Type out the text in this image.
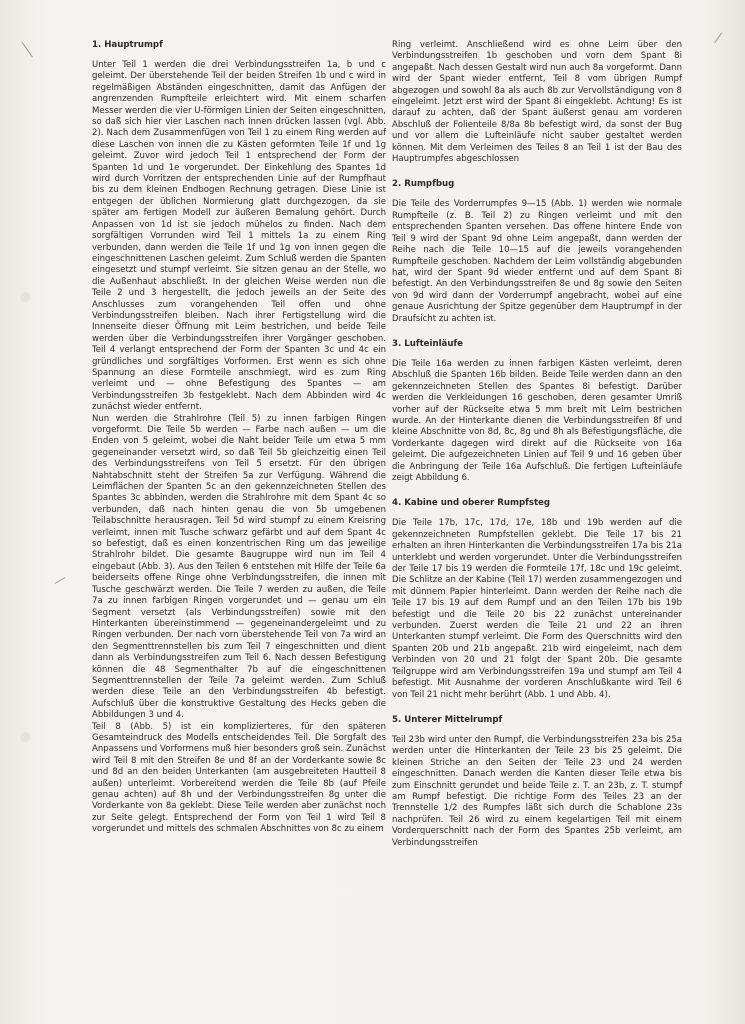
1. Hauptrumpf

Unter Teil 1 werden die drei Verbindungsstreifen 1a, b und c geleimt. Der überstehende Teil der beiden Streifen 1b und c wird in regelmäßigen Abständen eingeschnitten, damit das Anfügen der angrenzenden Rumpfteile erleichtert wird. Mit einem scharfen Messer werden die vier U-förmigen Linien der Seiten eingeschnitten, so daß sich hier vier Laschen nach innen drücken lassen (vgl. Abb. 2). Nach dem Zusammenfügen von Teil 1 zu einem Ring werden auf diese Laschen von innen die zu Kästen geformten Teile 1f und 1g geleimt. Zuvor wird jedoch Teil 1 entsprechend der Form der Spanten 1d und 1e vorgerundet. Der Einkehlung des Spantes 1d wird durch Vorritzen der entsprechenden Linie auf der Rumpfhaut bis zu dem kleinen Endbogen Rechnung getragen. Diese Linie ist entgegen der üblichen Normierung glatt durchgezogen, da sie später am fertigen Modell zur äußeren Bemalung gehört. Durch Anpassen von 1d ist sie jedoch mühelos zu finden. Nach dem sorgfältigen Vorrunden wird Teil 1 mittels 1a zu einem Ring verbunden, dann werden die Teile 1f und 1g von innen gegen die eingeschnittenen Laschen geleimt. Zum Schluß werden die Spanten eingesetzt und stumpf verleimt. Sie sitzen genau an der Stelle, wo die Außenhaut abschließt. In der gleichen Weise werden nun die Teile 2 und 3 hergestellt, die jedoch jeweils an der Seite des Anschlusses zum vorangehenden Teil offen und ohne Verbindungsstreifen bleiben. Nach ihrer Fertigstellung wird die Innenseite dieser Öffnung mit Leim bestrichen, und beide Teile werden über die Verbindungsstreifen ihrer Vorgänger geschoben. Teil 4 verlangt entsprechend der Form der Spanten 3c und 4c ein gründliches und sorgfältiges Vorformen. Erst wenn es sich ohne Spannung an diese Formteile anschmiegt, wird es zum Ring verleimt und — ohne Befestigung des Spantes — am Verbindungsstreifen 3b festgeklebt. Nach dem Abbinden wird 4c zunächst wieder entfernt.

Nun werden die Strahlrohre (Teil 5) zu innen farbigen Ringen vorgeformt. Die Teile 5b werden — Farbe nach außen — um die Enden von 5 geleimt, wobei die Naht beider Teile um etwa 5 mm gegeneinander versetzt wird, so daß Teil 5b gleichzeitig einen Teil des Verbindungsstreifens von Teil 5 ersetzt. Für den übrigen Nahtabschnitt steht der Streifen 5a zur Verfügung. Während die Leimflächen der Spanten 5c an den gekennzeichneten Stellen des Spantes 3c abbinden, werden die Strahlrohre mit dem Spant 4c so verbunden, daß nach hinten genau die von 5b umgebenen Teilabschnitte herausragen. Teil 5d wird stumpf zu einem Kreisring verleimt, innen mit Tusche schwarz gefärbt und auf dem Spant 4c so befestigt, daß es einen konzentrischen Ring um das jeweilige Strahlrohr bildet. Die gesamte Baugruppe wird nun im Teil 4 eingebaut (Abb. 3). Aus den Teilen 6 entstehen mit Hilfe der Teile 6a beiderseits offene Ringe ohne Verbindungsstreifen, die innen mit Tusche geschwärzt werden. Die Teile 7 werden zu außen, die Teile 7a zu innen farbigen Ringen vorgerundet und — genau um ein Segment versetzt (als Verbindungsstreifen) sowie mit den Hinterkanten übereinstimmend — gegeneinandergeleimt und zu Ringen verbunden. Der nach vorn überstehende Teil von 7a wird an den Segmenttrennstellen bis zum Teil 7 eingeschnitten und dient dann als Verbindungsstreifen zum Teil 6. Nach dessen Befestigung können die 48 Segmenthalter 7b auf die eingeschnittenen Segmenttrennstellen der Teile 7a geleimt werden. Zum Schluß werden diese Teile an den Verbindungsstreifen 4b befestigt. Aufschluß über die konstruktive Gestaltung des Hecks geben die Abbildungen 3 und 4.

Teil 8 (Abb. 5) ist ein komplizierteres, für den späteren Gesamteindruck des Modells entscheidendes Teil. Die Sorgfalt des Anpassens und Vorformens muß hier besonders groß sein. Zunächst wird Teil 8 mit den Streifen 8e und 8f an der Vorderkante sowie 8c und 8d an den beiden Unterkanten (am ausgebreiteten Hautteil 8 außen) unterleimt. Vorbereitend werden die Teile 8b (auf Pfeile genau achten) auf 8h und der Verbindungsstreifen 8g unter die Vorderkante von 8a geklebt. Diese Teile werden aber zunächst noch zur Seite gelegt. Entsprechend der Form von Teil 1 wird Teil 8 vorgerundet und mittels des schmalen Abschnittes von 8c zu einem

Ring verleimt. Anschließend wird es ohne Leim über den Verbindungsstreifen 1b geschoben und vorn dem Spant 8i angepaßt. Nach dessen Gestalt wird nun auch 8a vorgeformt. Dann wird der Spant wieder entfernt, Teil 8 vom übrigen Rumpf abgezogen und sowohl 8a als auch 8b zur Vervollständigung von 8 eingeleimt. Jetzt erst wird der Spant 8i eingeklebt. Achtung! Es ist darauf zu achten, daß der Spant äußerst genau am vorderen Abschluß der Folienteile 8/8a 8b befestigt wird, da sonst der Bug und vor allem die Lufteinläufe nicht sauber gestaltet werden können. Mit dem Verleimen des Teiles 8 an Teil 1 ist der Bau des Hauptrumpfes abgeschlossen

2. Rumpfbug

Die Teile des Vorderrumpfes 9—15 (Abb. 1) werden wie normale Rumpfteile (z. B. Teil 2) zu Ringen verleimt und mit den entsprechenden Spanten versehen. Das offene hintere Ende von Teil 9 wird der Spant 9d ohne Leim angepaßt, dann werden der Reihe nach die Teile 10—15 auf die jeweils vorangehenden Rumpfteile geschoben. Nachdem der Leim vollständig abgebunden hat, wird der Spant 9d wieder entfernt und auf dem Spant 8i befestigt. An den Verbindungsstreifen 8e und 8g sowie den Seiten von 9d wird dann der Vorderrumpf angebracht, wobei auf eine genaue Ausrichtung der Spitze gegenüber dem Hauptrumpf in der Draufsicht zu achten ist.

3. Lufteinläufe

Die Teile 16a werden zu innen farbigen Kästen verleimt, deren Abschluß die Spanten 16b bilden. Beide Teile werden dann an den gekennzeichneten Stellen des Spantes 8i befestigt. Darüber werden die Verkleidungen 16 geschoben, deren gesamter Umriß vorher auf der Rückseite etwa 5 mm breit mit Leim bestrichen wurde. An der Hinterkante dienen die Verbindungsstreifen 8f und kleine Abschnitte von 8d, 8c, 8g und 8h als Befestigungsfläche, die Vorderkante dagegen wird direkt auf die Rückseite von 16a geleimt. Die aufgezeichneten Linien auf Teil 9 und 16 geben über die Anbringung der Teile 16a Aufschluß. Die fertigen Lufteinläufe zeigt Abbildung 6.

4. Kabine und oberer Rumpfsteg

Die Teile 17b, 17c, 17d, 17e, 18b und 19b werden auf die gekennzeichneten Rumpfstellen geklebt. Die Teile 17 bis 21 erhalten an ihren Hinterkanten die Verbindungsstreifen 17a bis 21a unterklebt und werden vorgerundet. Unter die Verbindungsstreifen der Teile 17 bis 19 werden die Formteile 17f, 18c und 19c geleimt. Die Schlitze an der Kabine (Teil 17) werden zusammengezogen und mit dünnem Papier hinterleimt. Dann werden der Reihe nach die Teile 17 bis 19 auf dem Rumpf und an den Teilen 17b bis 19b befestigt und die Teile 20 bis 22 zunächst untereinander verbunden. Zuerst werden die Teile 21 und 22 an ihren Unterkanten stumpf verleimt. Die Form des Querschnitts wird den Spanten 20b und 21b angepaßt. 21b wird eingeleimt, nach dem Verbinden von 20 und 21 folgt der Spant 20b. Die gesamte Teilgruppe wird am Verbindungsstreifen 19a und stumpf am Teil 4 befestigt. Mit Ausnahme der vorderen Anschlußkante wird Teil 6 von Teil 21 nicht mehr berührt (Abb. 1 und Abb. 4).

5. Unterer Mittelrumpf

Teil 23b wird unter den Rumpf, die Verbindungsstreifen 23a bis 25a werden unter die Hinterkanten der Teile 23 bis 25 geleimt. Die kleinen Striche an den Seiten der Teile 23 und 24 werden eingeschnitten. Danach werden die Kanten dieser Teile etwa bis zum Einschnitt gerundet und beide Teile z. T. an 23b, z. T. stumpf am Rumpf befestigt. Die richtige Form des Teiles 23 an der Trennstelle 1/2 des Rumpfes läßt sich durch die Schablone 23s nachprüfen. Teil 26 wird zu einem kegelartigen Teil mit einem Vorderquerschnitt nach der Form des Spantes 25b verleimt, am Verbindungsstreifen
